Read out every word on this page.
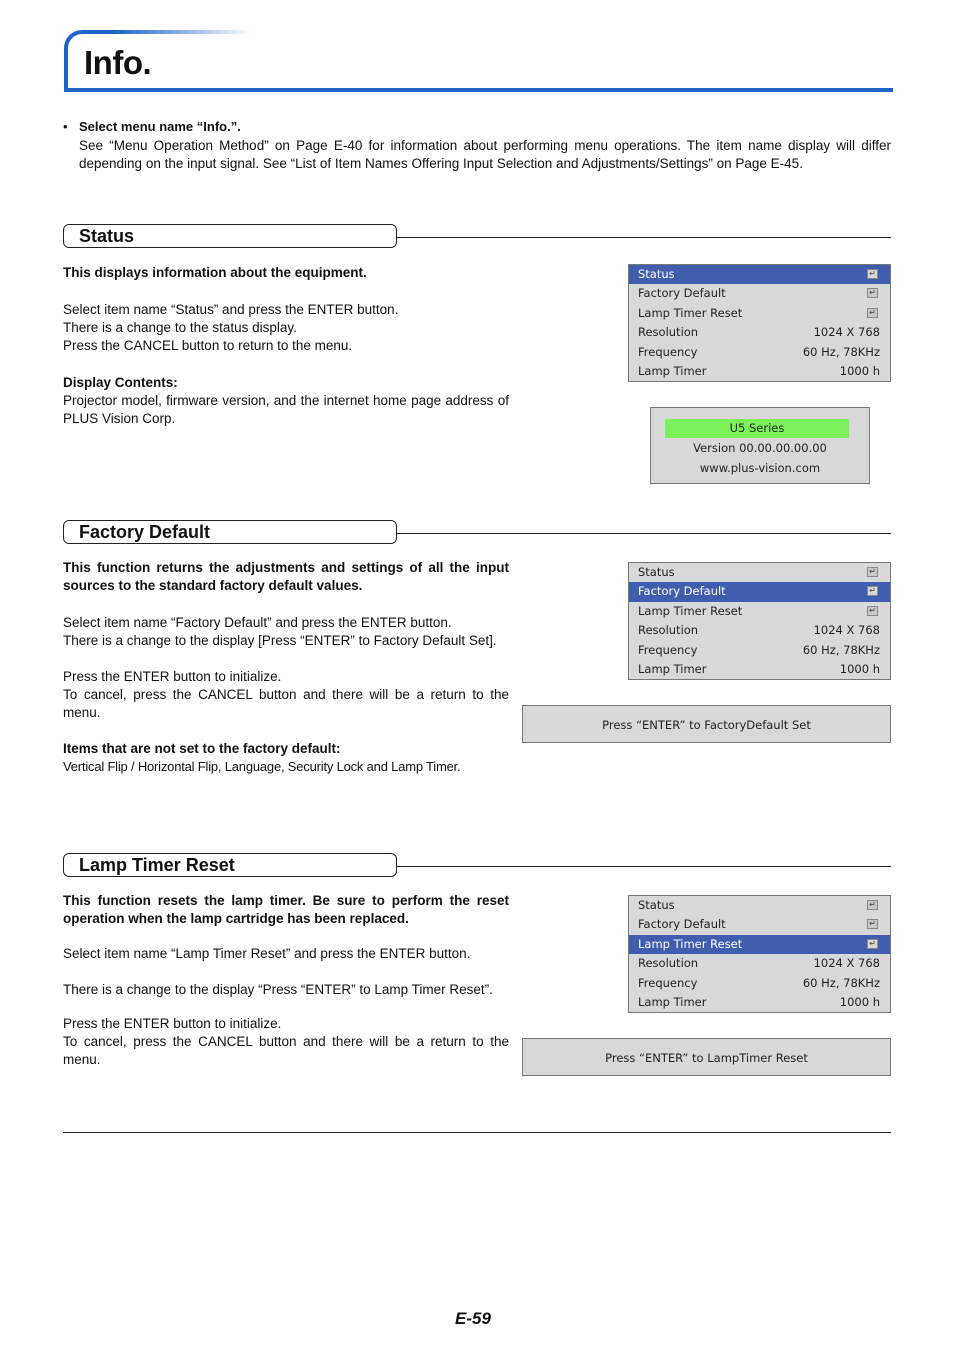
Info.
• Select menu name “Info.”.
See “Menu Operation Method” on Page E-40 for information about performing menu operations. The item name display will differ depending on the input signal. See “List of Item Names Offering Input Selection and Adjustments/Settings” on Page E-45.
Status

This displays information about the equipment.

Select item name “Status” and press the ENTER button.

There is a change to the status display.

Press the CANCEL button to return to the menu.

Display Contents:

Projector model, firmware version, and the internet home page address of PLUS Vision Corp.

Status	↵
Factory Default	↵
Lamp Timer Reset	↵
Resolution	1024 X 768
Frequency	60 Hz, 78KHz
Lamp Timer	1000 h
U5 Series
Version 00.00.00.00.00
www.plus-vision.com
Factory Default

This function returns the adjustments and settings of all the input sources to the standard factory default values.

Select item name “Factory Default” and press the ENTER button.

There is a change to the display [Press “ENTER” to Factory Default Set].

Press the ENTER button to initialize.

To cancel, press the CANCEL button and there will be a return to the menu.

Items that are not set to the factory default:

Vertical Flip / Horizontal Flip, Language, Security Lock and Lamp Timer.

Status	↵
Factory Default	↵
Lamp Timer Reset	↵
Resolution	1024 X 768
Frequency	60 Hz, 78KHz
Lamp Timer	1000 h
Press “ENTER” to FactoryDefault Set
Lamp Timer Reset

This function resets the lamp timer. Be sure to perform the reset operation when the lamp cartridge has been replaced.

Select item name “Lamp Timer Reset” and press the ENTER button.

There is a change to the display “Press “ENTER” to Lamp Timer Reset”.

Press the ENTER button to initialize.

To cancel, press the CANCEL button and there will be a return to the menu.

Status	↵
Factory Default	↵
Lamp Timer Reset	↵
Resolution	1024 X 768
Frequency	60 Hz, 78KHz
Lamp Timer	1000 h
Press “ENTER” to LampTimer Reset
E-59
